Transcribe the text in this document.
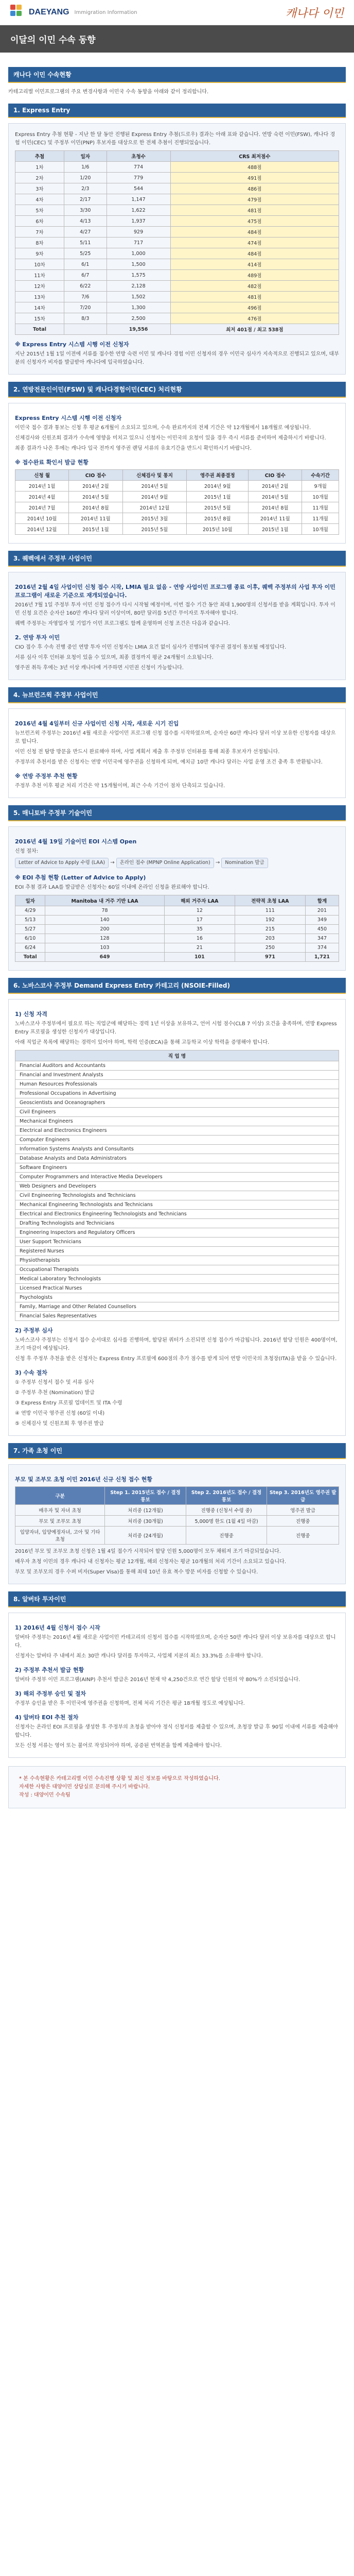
DAEYANG Immigration Information	캐나다 이민
이달의 이민 수속 동향
캐나다 이민 수속현황

카테고리별 이민프로그램의 주요 변경사항과 이민국 수속 동향을 아래와 같이 정리합니다.

1. Express Entry

Express Entry 추첨 현황 - 지난 한 달 동안 진행된 Express Entry 추첨(드로우) 결과는 아래 표와 같습니다. 연방 숙련 이민(FSW), 캐나다 경험 이민(CEC) 및 주정부 이민(PNP) 후보자를 대상으로 한 전체 추첨이 진행되었습니다.

추첨	일자	초청수	CRS 최저점수
1차	1/6	774	488점
2차	1/20	779	491점
3차	2/3	544	486점
4차	2/17	1,147	479점
5차	3/30	1,622	481점
6차	4/13	1,937	475점
7차	4/27	929	484점
8차	5/11	717	474점
9차	5/25	1,000	484점
10차	6/1	1,500	414점
11차	6/7	1,575	489점
12차	6/22	2,128	482점
13차	7/6	1,502	481점
14차	7/20	1,300	496점
15차	8/3	2,500	476점
Total		19,556	최저 401점 / 최고 538점
※ Express Entry 시스템 시행 이전 신청자

지난 2015년 1월 1일 이전에 서류를 접수한 연방 숙련 이민 및 캐나다 경험 이민 신청자의 경우 이민국 심사가 지속적으로 진행되고 있으며, 대부분의 신청자가 비자를 발급받아 캐나다에 입국하였습니다.

2. 연방전문인이민(FSW) 및 캐나다경험이민(CEC) 처리현황
Express Entry 시스템 시행 이전 신청자

이민국 접수 결과 통보는 신청 후 평균 6개월이 소요되고 있으며, 수속 완료까지의 전체 기간은 약 12개월에서 18개월로 예상됩니다.

신체검사와 신원조회 결과가 수속에 영향을 미치고 있으니 신청자는 이민국의 요청이 있을 경우 즉시 서류를 준비하여 제출하시기 바랍니다.

최종 결과가 나온 후에는 캐나다 입국 전까지 영주권 랜딩 서류의 유효기간을 반드시 확인하시기 바랍니다.

※ 접수완료 확인서 발급 현황
신청 월	CIO 접수	신체검사 및 통지	영주권 최종결정	CIO 접수	수속기간
2014년 1월	2014년 2월	2014년 5월	2014년 9월	2014년 2월	9개월
2014년 4월	2014년 5월	2014년 9월	2015년 1월	2014년 5월	10개월
2014년 7월	2014년 8월	2014년 12월	2015년 5월	2014년 8월	11개월
2014년 10월	2014년 11월	2015년 3월	2015년 8월	2014년 11월	11개월
2014년 12월	2015년 1월	2015년 5월	2015년 10월	2015년 1월	10개월
3. 퀘벡에서 주정부 사업이민
2016년 2월 4일 사업이민 신청 접수 시작, LMIA 필요 없음 - 연방 사업이민 프로그램 종료 이후, 퀘벡 주정부의 사업 투자 이민 프로그램이 새로운 기준으로 재개되었습니다.

2016년 7월 1일 주정부 투자 이민 신청 접수가 다시 시작될 예정이며, 이번 접수 기간 동안 최대 1,900명의 신청서를 받을 계획입니다. 투자 이민 신청 요건은 순자산 160만 캐나다 달러 이상이며, 80만 달러를 5년간 무이자로 투자해야 합니다.

퀘벡 주정부는 자영업자 및 기업가 이민 프로그램도 함께 운영하며 신청 조건은 다음과 같습니다.

2. 연방 투자 이민

CIO 접수 후 수속 진행 중인 연방 투자 이민 신청자는 LMIA 요건 없이 심사가 진행되며 영주권 결정이 통보될 예정입니다.

서류 심사 이후 인터뷰 요청이 있을 수 있으며, 최종 결정까지 평균 24개월이 소요됩니다.

영주권 취득 후에는 3년 이상 캐나다에 거주하면 시민권 신청이 가능합니다.

4. 뉴브런즈윅 주정부 사업이민
2016년 4월 4일부터 신규 사업이민 신청 시작, 새로운 시기 진입

뉴브런즈윅 주정부는 2016년 4월 새로운 사업이민 프로그램 신청 접수를 시작하였으며, 순자산 60만 캐나다 달러 이상 보유한 신청자를 대상으로 합니다.

이민 신청 전 탐방 방문을 반드시 완료해야 하며, 사업 계획서 제출 후 주정부 인터뷰를 통해 최종 후보자가 선정됩니다.

주정부의 추천서를 받은 신청자는 연방 이민국에 영주권을 신청하게 되며, 예치금 10만 캐나다 달러는 사업 운영 조건 충족 후 반환됩니다.

※ 연방 주정부 추천 현황

주정부 추천 이후 평균 처리 기간은 약 15개월이며, 최근 수속 기간이 점차 단축되고 있습니다.

5. 매니토바 주정부 기술이민
2016년 4월 19일 기술이민 EOI 시스템 Open

신청 절차:

Letter of Advice to Apply 수령 (LAA) → 온라인 접수 (MPNP Online Application) → Nomination 발급

※ EOI 추첨 현황 (Letter of Advice to Apply)

EOI 추첨 결과 LAA를 발급받은 신청자는 60일 이내에 온라인 신청을 완료해야 합니다.

일자	Manitoba 내 거주 기반 LAA	해외 거주자 LAA	전략적 초청 LAA	합계
4/29	78	12	111	201
5/13	140	17	192	349
5/27	200	35	215	450
6/10	128	16	203	347
6/24	103	21	250	374
Total	649	101	971	1,721
6. 노바스코샤 주정부 Demand Express Entry 카테고리 (NSOIE-Filled)
1) 신청 자격

노바스코샤 주정부에서 필요로 하는 직업군에 해당하는 경력 1년 이상을 보유하고, 언어 시험 점수(CLB 7 이상) 요건을 충족하며, 연방 Express Entry 프로필을 생성한 신청자가 대상입니다.

아래 직업군 목록에 해당하는 경력이 있어야 하며, 학력 인증(ECA)을 통해 고등학교 이상 학력을 증명해야 합니다.

직 업 명
Financial Auditors and Accountants
Financial and Investment Analysts
Human Resources Professionals
Professional Occupations in Advertising
Geoscientists and Oceanographers
Civil Engineers
Mechanical Engineers
Electrical and Electronics Engineers
Computer Engineers
Information Systems Analysts and Consultants
Database Analysts and Data Administrators
Software Engineers
Computer Programmers and Interactive Media Developers
Web Designers and Developers
Civil Engineering Technologists and Technicians
Mechanical Engineering Technologists and Technicians
Electrical and Electronics Engineering Technologists and Technicians
Drafting Technologists and Technicians
Engineering Inspectors and Regulatory Officers
User Support Technicians
Registered Nurses
Physiotherapists
Occupational Therapists
Medical Laboratory Technologists
Licensed Practical Nurses
Psychologists
Family, Marriage and Other Related Counsellors
Financial Sales Representatives
2) 주정부 심사

노바스코샤 주정부는 신청서 접수 순서대로 심사를 진행하며, 할당된 쿼터가 소진되면 신청 접수가 마감됩니다. 2016년 할당 인원은 400명이며, 조기 마감이 예상됩니다.

신청 후 주정부 추천을 받은 신청자는 Express Entry 프로필에 600점의 추가 점수를 받게 되어 연방 이민국의 초청장(ITA)을 받을 수 있습니다.

3) 수속 절차

① 주정부 신청서 접수 및 서류 심사

② 주정부 추천 (Nomination) 발급

③ Express Entry 프로필 업데이트 및 ITA 수령

④ 연방 이민국 영주권 신청 (60일 이내)

⑤ 신체검사 및 신원조회 후 영주권 발급

7. 가족 초청 이민
부모 및 조부모 초청 이민 2016년 신규 신청 접수 현황
구분	Step 1. 2015년도 접수 / 결정 통보	Step 2. 2016년도 접수 / 결정 통보	Step 3. 2016년도 영주권 발급
배우자 및 자녀 초청	처리중 (12개월)	진행중 (신청서 수령 중)	영주권 발급
부모 및 조부모 초청	처리중 (30개월)	5,000명 한도 (1월 4일 마감)	진행중
입양자녀, 입양예정자녀, 고아 및 기타 초청	처리중 (24개월)	진행중	진행중

2016년 부모 및 조부모 초청 신청은 1월 4일 접수가 시작되어 할당 인원 5,000명이 모두 채워져 조기 마감되었습니다.

배우자 초청 이민의 경우 캐나다 내 신청자는 평균 12개월, 해외 신청자는 평균 10개월의 처리 기간이 소요되고 있습니다.

부모 및 조부모의 경우 수퍼 비자(Super Visa)를 통해 최대 10년 유효 복수 방문 비자를 신청할 수 있습니다.

8. 알버타 투자이민
1) 2016년 4월 신청서 접수 시작

알버타 주정부는 2016년 4월 새로운 사업이민 카테고리의 신청서 접수를 시작하였으며, 순자산 50만 캐나다 달러 이상 보유자를 대상으로 합니다.

신청자는 알버타 주 내에서 최소 30만 캐나다 달러를 투자하고, 사업체 지분의 최소 33.3%를 소유해야 합니다.

2) 주정부 추천서 발급 현황

알버타 주정부 이민 프로그램(AINP) 추천서 발급은 2016년 현재 약 4,250건으로 연간 할당 인원의 약 80%가 소진되었습니다.

3) 해외 주정부 승인 및 절차

주정부 승인을 받은 후 이민국에 영주권을 신청하며, 전체 처리 기간은 평균 18개월 정도로 예상됩니다.

4) 알버타 EOI 추천 절차

신청자는 온라인 EOI 프로필을 생성한 후 주정부의 초청을 받아야 정식 신청서를 제출할 수 있으며, 초청장 발급 후 90일 이내에 서류를 제출해야 합니다.

모든 신청 서류는 영어 또는 불어로 작성되어야 하며, 공증된 번역본을 함께 제출해야 합니다.

* 본 수속현황은 카테고리별 이민 수속진행 상황 및 최신 정보를 바탕으로 작성하였습니다.
자세한 사항은 대양이민 상담실로 문의해 주시기 바랍니다.
작성 : 대양이민 수속팀
